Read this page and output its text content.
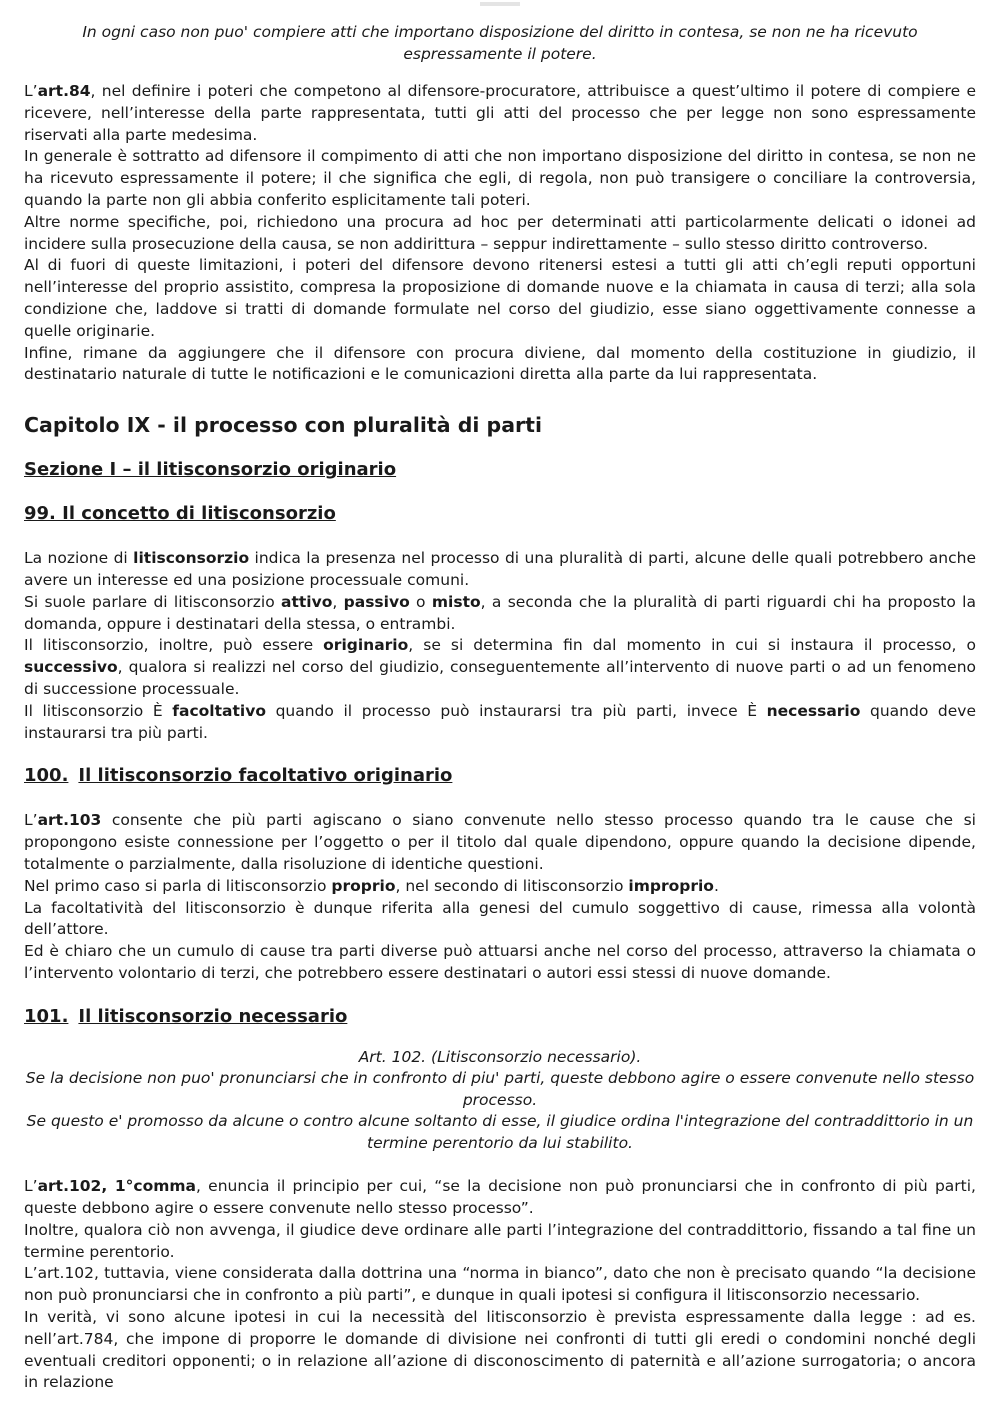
In ogni caso non puo' compiere atti che importano disposizione del diritto in contesa, se non ne ha ricevuto espressamente il potere.

L’art.84, nel definire i poteri che competono al difensore-procuratore, attribuisce a quest’ultimo il potere di compiere e ricevere, nell’interesse della parte rappresentata, tutti gli atti del processo che per legge non sono espressamente riservati alla parte medesima.

In generale è sottratto ad difensore il compimento di atti che non importano disposizione del diritto in contesa, se non ne ha ricevuto espressamente il potere; il che significa che egli, di regola, non può transigere o conciliare la controversia, quando la parte non gli abbia conferito esplicitamente tali poteri.

Altre norme specifiche, poi, richiedono una procura ad hoc per determinati atti particolarmente delicati o idonei ad incidere sulla prosecuzione della causa, se non addirittura – seppur indirettamente – sullo stesso diritto controverso.

Al di fuori di queste limitazioni, i poteri del difensore devono ritenersi estesi a tutti gli atti ch’egli reputi opportuni nell’interesse del proprio assistito, compresa la proposizione di domande nuove e la chiamata in causa di terzi; alla sola condizione che, laddove si tratti di domande formulate nel corso del giudizio, esse siano oggettivamente connesse a quelle originarie.

Infine, rimane da aggiungere che il difensore con procura diviene, dal momento della costituzione in giudizio, il destinatario naturale di tutte le notificazioni e le comunicazioni diretta alla parte da lui rappresentata.

Capitolo IX - il processo con pluralità di parti
Sezione I – il litisconsorzio originario
99. Il concetto di litisconsorzio

La nozione di litisconsorzio indica la presenza nel processo di una pluralità di parti, alcune delle quali potrebbero anche avere un interesse ed una posizione processuale comuni.

Si suole parlare di litisconsorzio attivo, passivo o misto, a seconda che la pluralità di parti riguardi chi ha proposto la domanda, oppure i destinatari della stessa, o entrambi.

Il litisconsorzio, inoltre, può essere originario, se si determina fin dal momento in cui si instaura il processo, o successivo, qualora si realizzi nel corso del giudizio, conseguentemente all’intervento di nuove parti o ad un fenomeno di successione processuale.

Il litisconsorzio È facoltativo quando il processo può instaurarsi tra più parti, invece È necessario quando deve instaurarsi tra più parti.

100. Il litisconsorzio facoltativo originario

L’art.103 consente che più parti agiscano o siano convenute nello stesso processo quando tra le cause che si propongono esiste connessione per l’oggetto o per il titolo dal quale dipendono, oppure quando la decisione dipende, totalmente o parzialmente, dalla risoluzione di identiche questioni.

Nel primo caso si parla di litisconsorzio proprio, nel secondo di litisconsorzio improprio.

La facoltatività del litisconsorzio è dunque riferita alla genesi del cumulo soggettivo di cause, rimessa alla volontà dell’attore.

Ed è chiaro che un cumulo di cause tra parti diverse può attuarsi anche nel corso del processo, attraverso la chiamata o l’intervento volontario di terzi, che potrebbero essere destinatari o autori essi stessi di nuove domande.

101. Il litisconsorzio necessario

Art. 102. (Litisconsorzio necessario).

Se la decisione non puo' pronunciarsi che in confronto di piu' parti, queste debbono agire o essere convenute nello stesso processo.

Se questo e' promosso da alcune o contro alcune soltanto di esse, il giudice ordina l'integrazione del contraddittorio in un termine perentorio da lui stabilito.

L’art.102, 1°comma, enuncia il principio per cui, “se la decisione non può pronunciarsi che in confronto di più parti, queste debbono agire o essere convenute nello stesso processo”.

Inoltre, qualora ciò non avvenga, il giudice deve ordinare alle parti l’integrazione del contraddittorio, fissando a tal fine un termine perentorio.

L’art.102, tuttavia, viene considerata dalla dottrina una “norma in bianco”, dato che non è precisato quando “la decisione non può pronunciarsi che in confronto a più parti”, e dunque in quali ipotesi si configura il litisconsorzio necessario.

In verità, vi sono alcune ipotesi in cui la necessità del litisconsorzio è prevista espressamente dalla legge : ad es. nell’art.784, che impone di proporre le domande di divisione nei confronti di tutti gli eredi o condomini nonché degli eventuali creditori opponenti; o in relazione all’azione di disconoscimento di paternità e all’azione surrogatoria; o ancora in relazione
